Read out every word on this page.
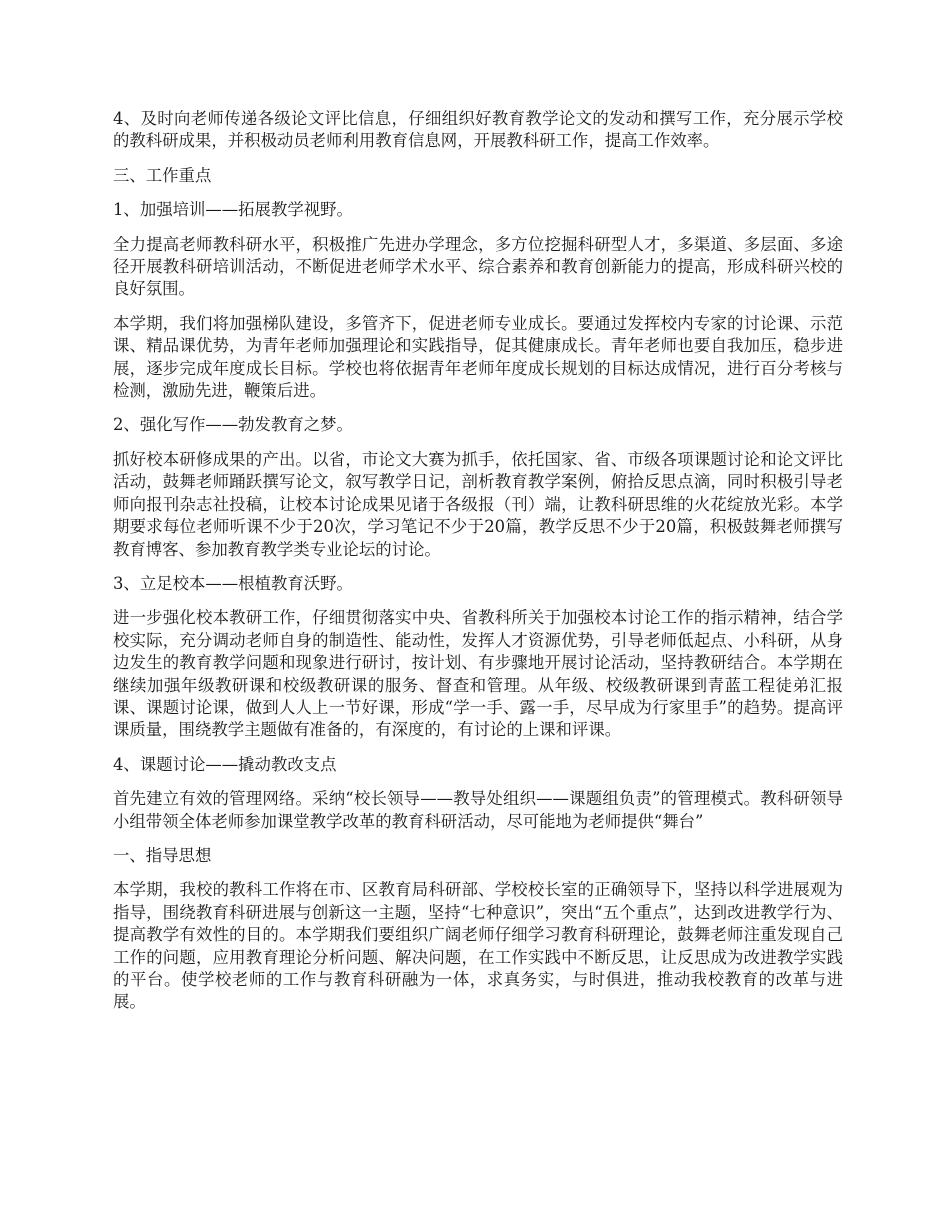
4、及时向老师传递各级论文评比信息，仔细组织好教育教学论文的发动和撰写工作，充分展示学校的教科研成果，并积极动员老师利用教育信息网，开展教科研工作，提高工作效率。

三、工作重点

1、加强培训——拓展教学视野。

全力提高老师教科研水平，积极推广先进办学理念，多方位挖掘科研型人才，多渠道、多层面、多途径开展教科研培训活动，不断促进老师学术水平、综合素养和教育创新能力的提高，形成科研兴校的良好氛围。

本学期，我们将加强梯队建设，多管齐下，促进老师专业成长。要通过发挥校内专家的讨论课、示范课、精品课优势，为青年老师加强理论和实践指导，促其健康成长。青年老师也要自我加压，稳步进展，逐步完成年度成长目标。学校也将依据青年老师年度成长规划的目标达成情况，进行百分考核与检测，激励先进，鞭策后进。

2、强化写作——勃发教育之梦。

抓好校本研修成果的产出。以省，市论文大赛为抓手，依托国家、省、市级各项课题讨论和论文评比活动，鼓舞老师踊跃撰写论文，叙写教学日记，剖析教育教学案例，俯拾反思点滴，同时积极引导老师向报刊杂志社投稿，让校本讨论成果见诸于各级报（刊）端，让教科研思维的火花绽放光彩。本学期要求每位老师听课不少于20次，学习笔记不少于20篇，教学反思不少于20篇，积极鼓舞老师撰写教育博客、参加教育教学类专业论坛的讨论。

3、立足校本——根植教育沃野。

进一步强化校本教研工作，仔细贯彻落实中央、省教科所关于加强校本讨论工作的指示精神，结合学校实际，充分调动老师自身的制造性、能动性，发挥人才资源优势，引导老师低起点、小科研，从身边发生的教育教学问题和现象进行研讨，按计划、有步骤地开展讨论活动，坚持教研结合。本学期在继续加强年级教研课和校级教研课的服务、督查和管理。从年级、校级教研课到青蓝工程徒弟汇报课、课题讨论课，做到人人上一节好课，形成“学一手、露一手，尽早成为行家里手”的趋势。提高评课质量，围绕教学主题做有准备的，有深度的，有讨论的上课和评课。

4、课题讨论——撬动教改支点

首先建立有效的管理网络。采纳“校长领导——教导处组织——课题组负责”的管理模式。教科研领导小组带领全体老师参加课堂教学改革的教育科研活动，尽可能地为老师提供“舞台”

一、指导思想

本学期，我校的教科工作将在市、区教育局科研部、学校校长室的正确领导下，坚持以科学进展观为指导，围绕教育科研进展与创新这一主题，坚持“七种意识”，突出“五个重点”，达到改进教学行为、提高教学有效性的目的。本学期我们要组织广阔老师仔细学习教育科研理论，鼓舞老师注重发现自己工作的问题，应用教育理论分析问题、解决问题，在工作实践中不断反思，让反思成为改进教学实践的平台。使学校老师的工作与教育科研融为一体，求真务实，与时俱进，推动我校教育的改革与进展。
